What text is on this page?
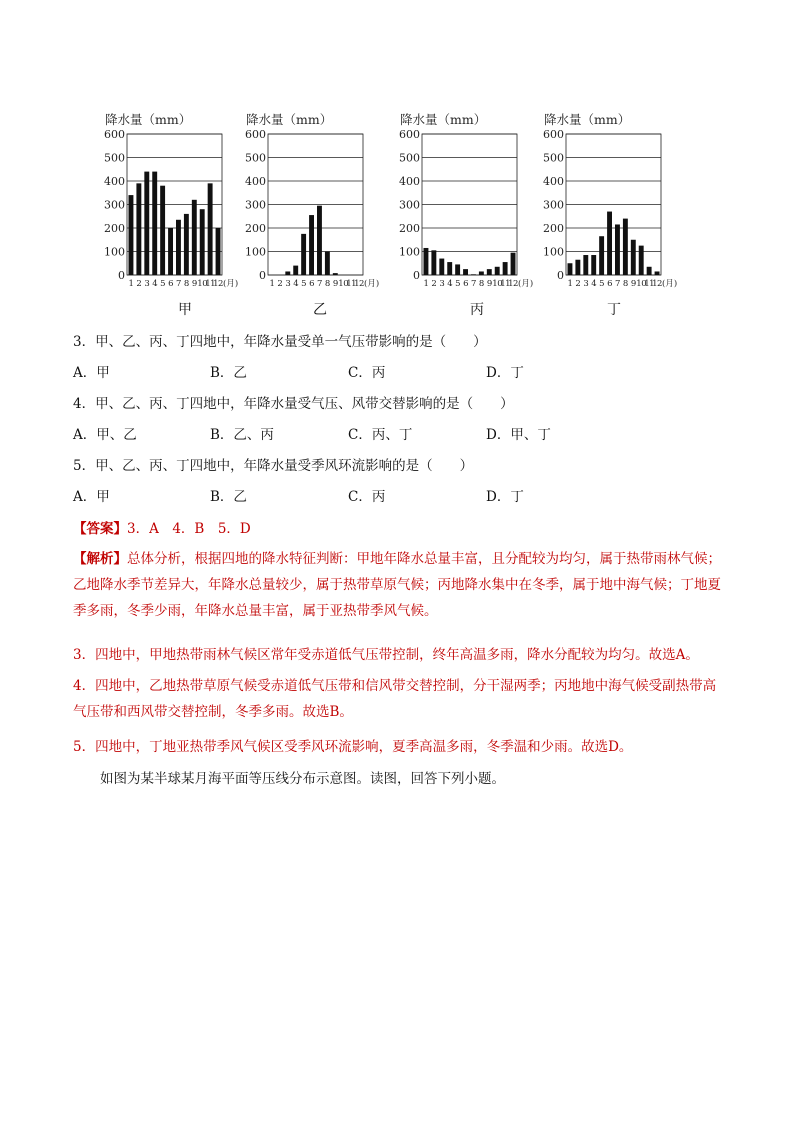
降水量（mm）
600
500
400
300
200
100
0
1 2 3 4 5 6 7 8 9 10
11
12 (月)
降水量（mm）
600
500
400
300
200
100
0
1 2 3 4 5 6 7 8 9 10
11
12 (月)
降水量（mm）
600
500
400
300
200
100
0
1 2 3 4 5 6 7 8 9 10
11
12 (月)
降水量（mm）
600
500
400
300
200
100
0
1 2 3 4 5 6 7 8 9 10
11
12 (月)
甲	乙	丙	丁
3．甲、乙、丙、丁四地中，年降水量受单一气压带影响的是（　　）
A．甲	B．乙	C．丙	D．丁
4．甲、乙、丙、丁四地中，年降水量受气压、风带交替影响的是（　　）
A．甲、乙	B．乙、丙	C．丙、丁	D．甲、丁
5．甲、乙、丙、丁四地中，年降水量受季风环流影响的是（　　）
A．甲	B．乙	C．丙	D．丁
【答案】3．A　4．B　5．D
【解析】总体分析，根据四地的降水特征判断：甲地年降水总量丰富，且分配较为均匀，属于热带雨林气候；乙地降水季节差异大，年降水总量较少，属于热带草原气候；丙地降水集中在冬季，属于地中海气候；丁地夏季多雨，冬季少雨，年降水总量丰富，属于亚热带季风气候。
3．四地中，甲地热带雨林气候区常年受赤道低气压带控制，终年高温多雨，降水分配较为均匀。故选A。
4．四地中，乙地热带草原气候受赤道低气压带和信风带交替控制，分干湿两季；丙地地中海气候受副热带高气压带和西风带交替控制，冬季多雨。故选B。
5．四地中，丁地亚热带季风气候区受季风环流影响，夏季高温多雨，冬季温和少雨。故选D。
如图为某半球某月海平面等压线分布示意图。读图，回答下列小题。
